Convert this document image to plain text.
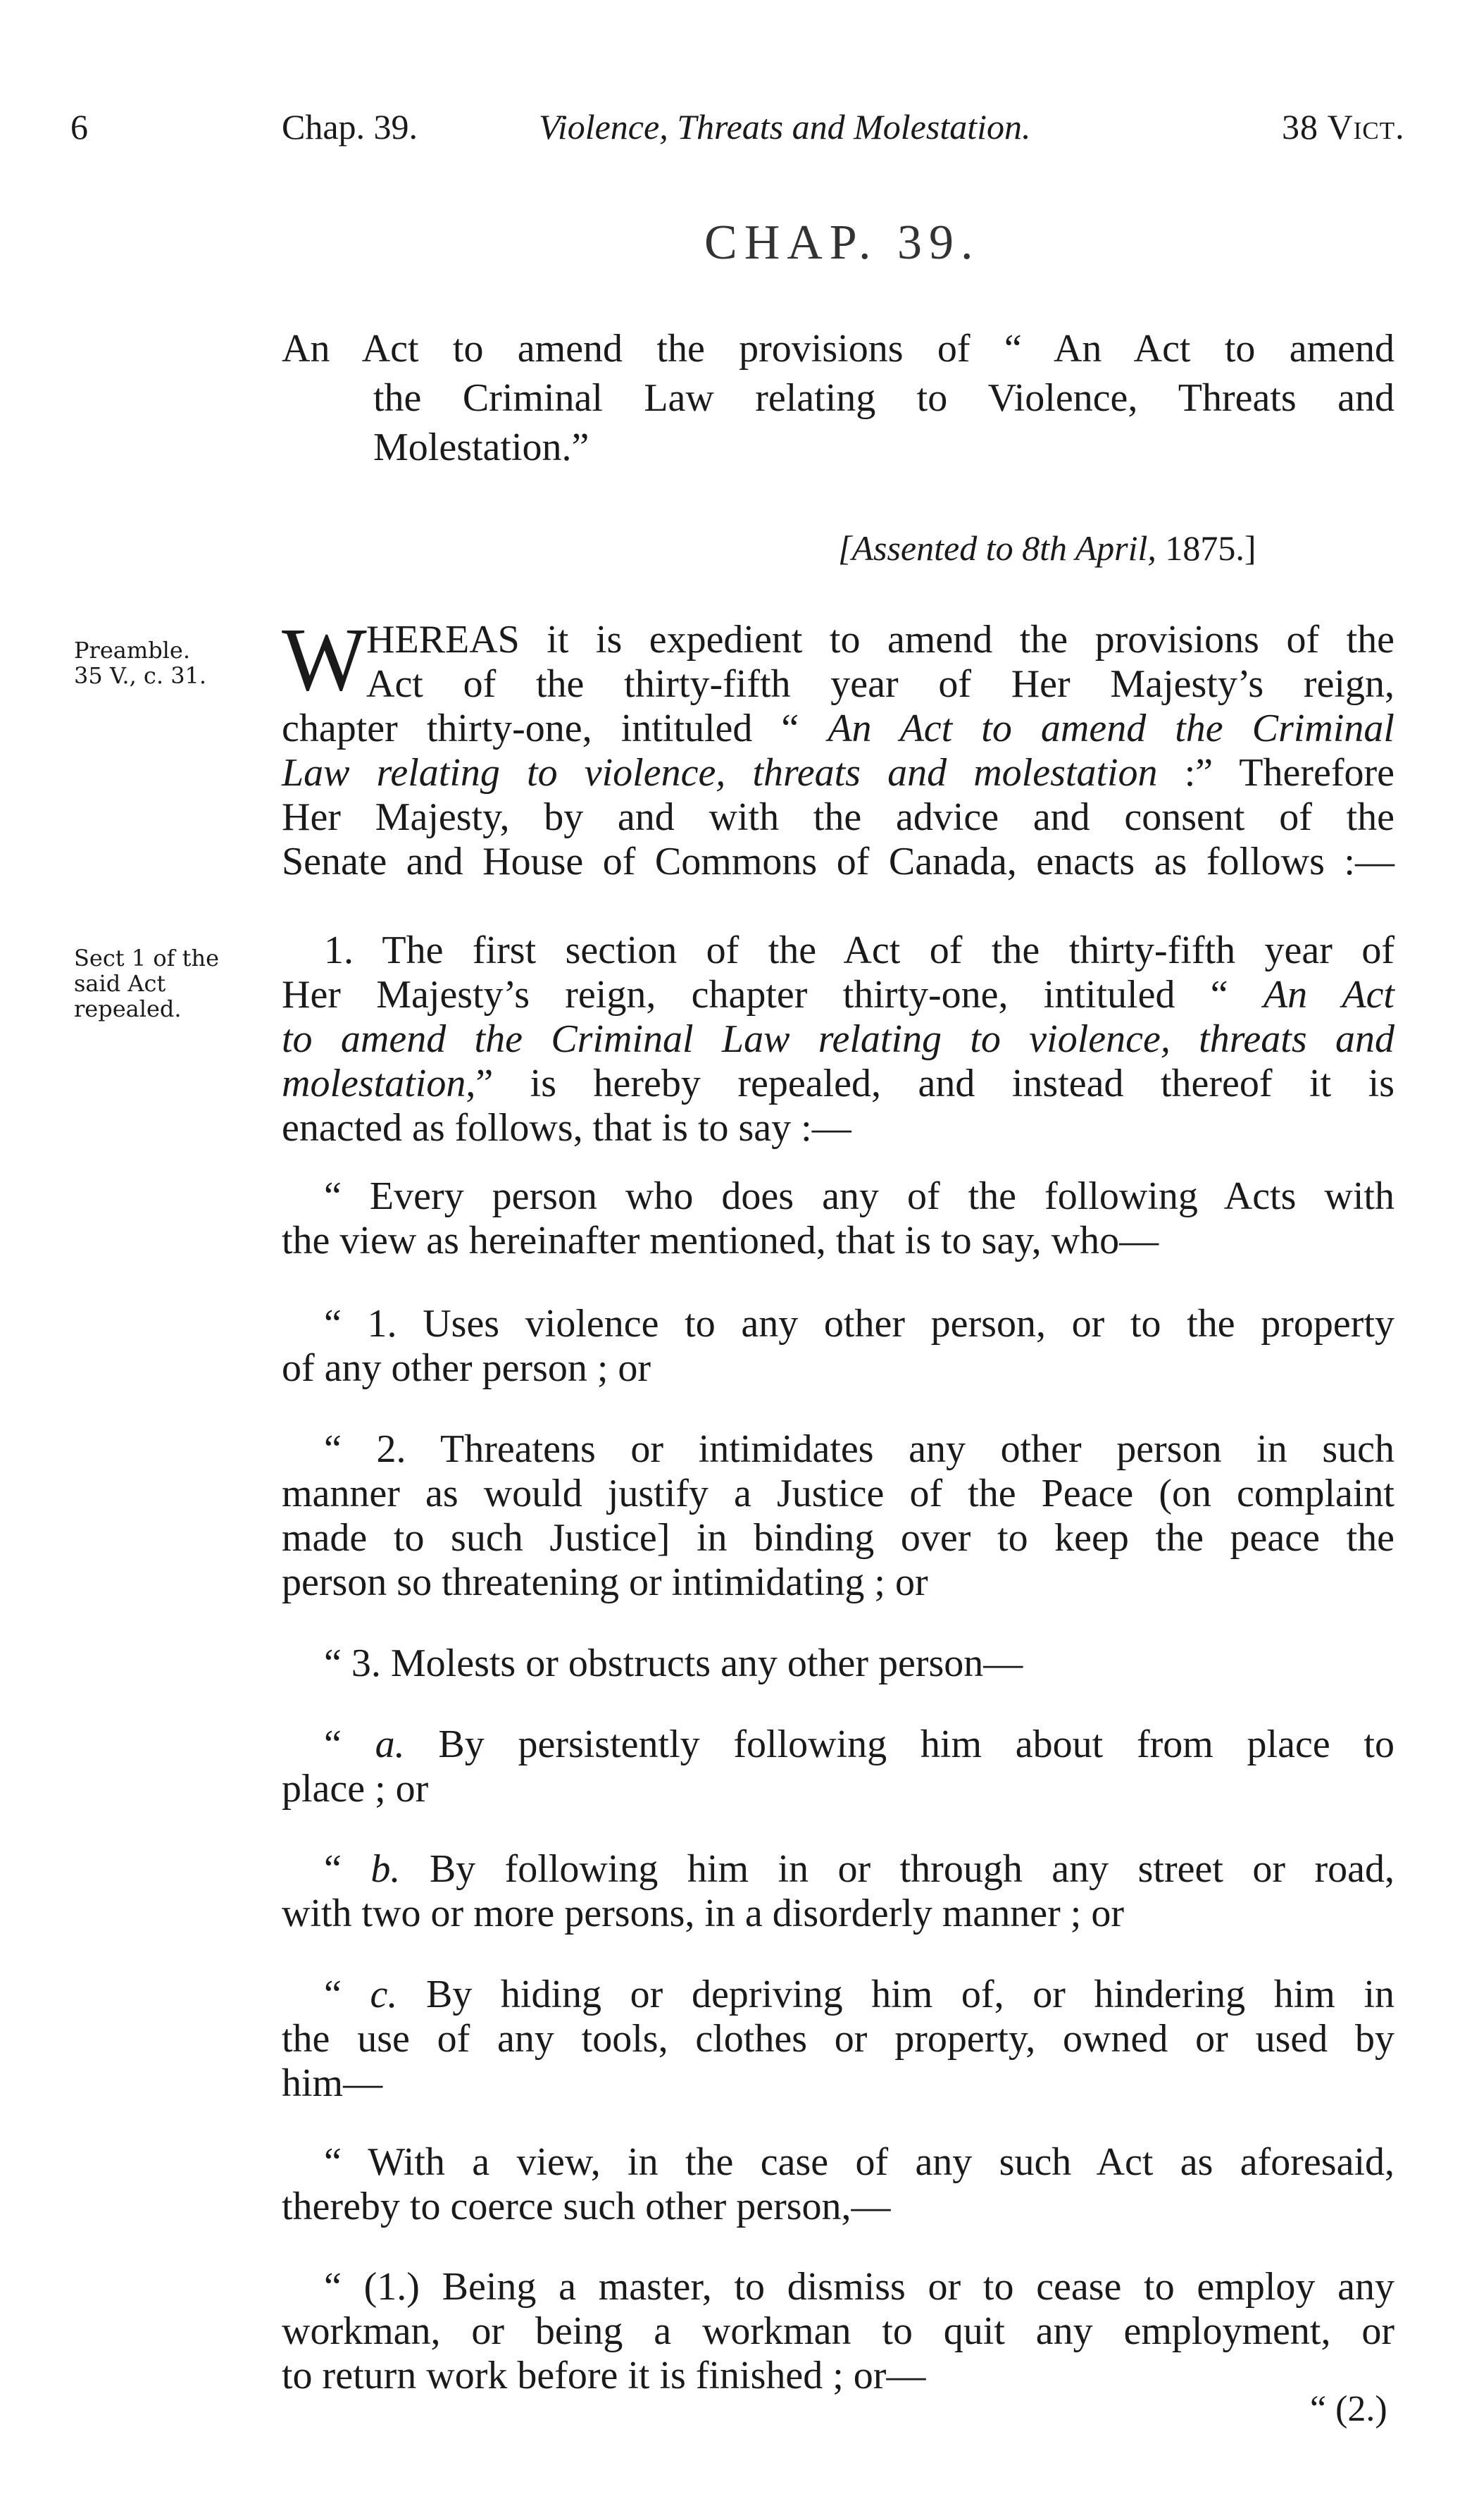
6	Chap. 39.	Violence, Threats and Molestation.	38 Vict.
CHAP. 39.
An Act to amend the provisions of “ An Act to amend
the Criminal Law relating to Violence, Threats and
Molestation.”
[Assented to 8th April, 1875.]
Preamble.
35 V., c. 31.
Sect 1 of the
said Act
repealed.
W HEREAS it is expedient to amend the provisions of the
Act of the thirty-fifth year of Her Majesty’s reign,
chapter thirty-one, intituled “ An Act to amend the Criminal
Law relating to violence, threats and molestation :” Therefore
Her Majesty, by and with the advice and consent of the
Senate and House of Commons of Canada, enacts as follows :—
1. The first section of the Act of the thirty-fifth year of
Her Majesty’s reign, chapter thirty-one, intituled “ An Act
to amend the Criminal Law relating to violence, threats and
molestation,” is hereby repealed, and instead thereof it is
enacted as follows, that is to say :—
“ Every person who does any of the following Acts with
the view as hereinafter mentioned, that is to say, who—
“ 1. Uses violence to any other person, or to the property
of any other person ; or
“ 2. Threatens or intimidates any other person in such
manner as would justify a Justice of the Peace (on complaint
made to such Justice] in binding over to keep the peace the
person so threatening or intimidating ; or
“ 3. Molests or obstructs any other person—
“ a. By persistently following him about from place to
place ; or
“ b. By following him in or through any street or road,
with two or more persons, in a disorderly manner ; or
“ c. By hiding or depriving him of, or hindering him in
the use of any tools, clothes or property, owned or used by
him—
“ With a view, in the case of any such Act as aforesaid,
thereby to coerce such other person,—
“ (1.) Being a master, to dismiss or to cease to employ any
workman, or being a workman to quit any employment, or
to return work before it is finished ; or—
“ (2.)
